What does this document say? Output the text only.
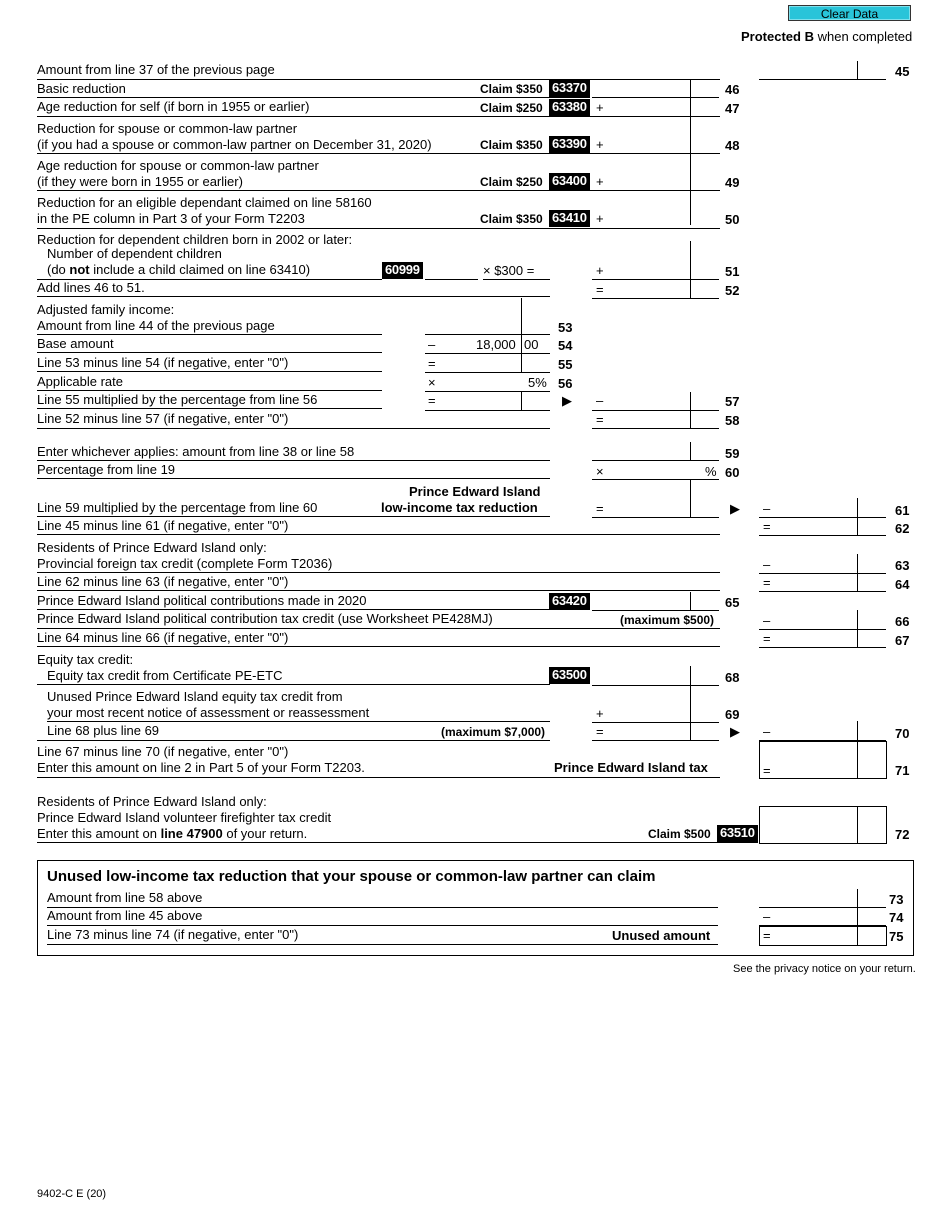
Clear Data
Protected B when completed
Amount from line 37 of the previous page	45
Basic reduction	Claim $350 63370	46
Age reduction for self (if born in 1955 or earlier)	Claim $250 63380 +	47
Reduction for spouse or common-law partner
(if you had a spouse or common-law partner on December 31, 2020)	Claim $350 63390 +	48
Age reduction for spouse or common-law partner
(if they were born in 1955 or earlier)	Claim $250 63400 +	49
Reduction for an eligible dependant claimed on line 58160
in the PE column in Part 3 of your Form T2203	Claim $350 63410 +	50
Reduction for dependent children born in 2002 or later:
Number of dependent children
(do not include a child claimed on line 63410)	60999	× $300 =	+	51
Add lines 46 to 51.	=	52
Adjusted family income:
Amount from line 44 of the previous page	53
Base amount	–	18,000 00 54
Line 53 minus line 54 (if negative, enter "0")	=	55
Applicable rate	×	5% 56
Line 55 multiplied by the percentage from line 56	=	▶ –	57
Line 52 minus line 57 (if negative, enter "0")	=	58
Enter whichever applies: amount from line 38 or line 58	59
Percentage from line 19	×	% 60
Prince Edward Island
low-income tax reduction
Line 59 multiplied by the percentage from line 60	=	▶ –	61
Line 45 minus line 61 (if negative, enter "0")	=	62
Residents of Prince Edward Island only:
Provincial foreign tax credit (complete Form T2036)	–	63
Line 62 minus line 63 (if negative, enter "0")	=	64
Prince Edward Island political contributions made in 2020	63420	65
Prince Edward Island political contribution tax credit (use Worksheet PE428MJ)	(maximum $500)	–	66
Line 64 minus line 66 (if negative, enter "0")	=	67
Equity tax credit:
Equity tax credit from Certificate PE-ETC	63500	68
Unused Prince Edward Island equity tax credit from
your most recent notice of assessment or reassessment	+	69
Line 68 plus line 69	(maximum $7,000)	=	▶ –	70
Line 67 minus line 70 (if negative, enter "0")
Enter this amount on line 2 in Part 5 of your Form T2203.	Prince Edward Island tax	=	71
Residents of Prince Edward Island only:
Prince Edward Island volunteer firefighter tax credit
Enter this amount on line 47900 of your return.	Claim $500 63510	72
Unused low-income tax reduction that your spouse or common-law partner can claim
Amount from line 58 above	73
Amount from line 45 above	–	74
Line 73 minus line 74 (if negative, enter "0")	Unused amount	=	75
See the privacy notice on your return.
9402-C E (20)
